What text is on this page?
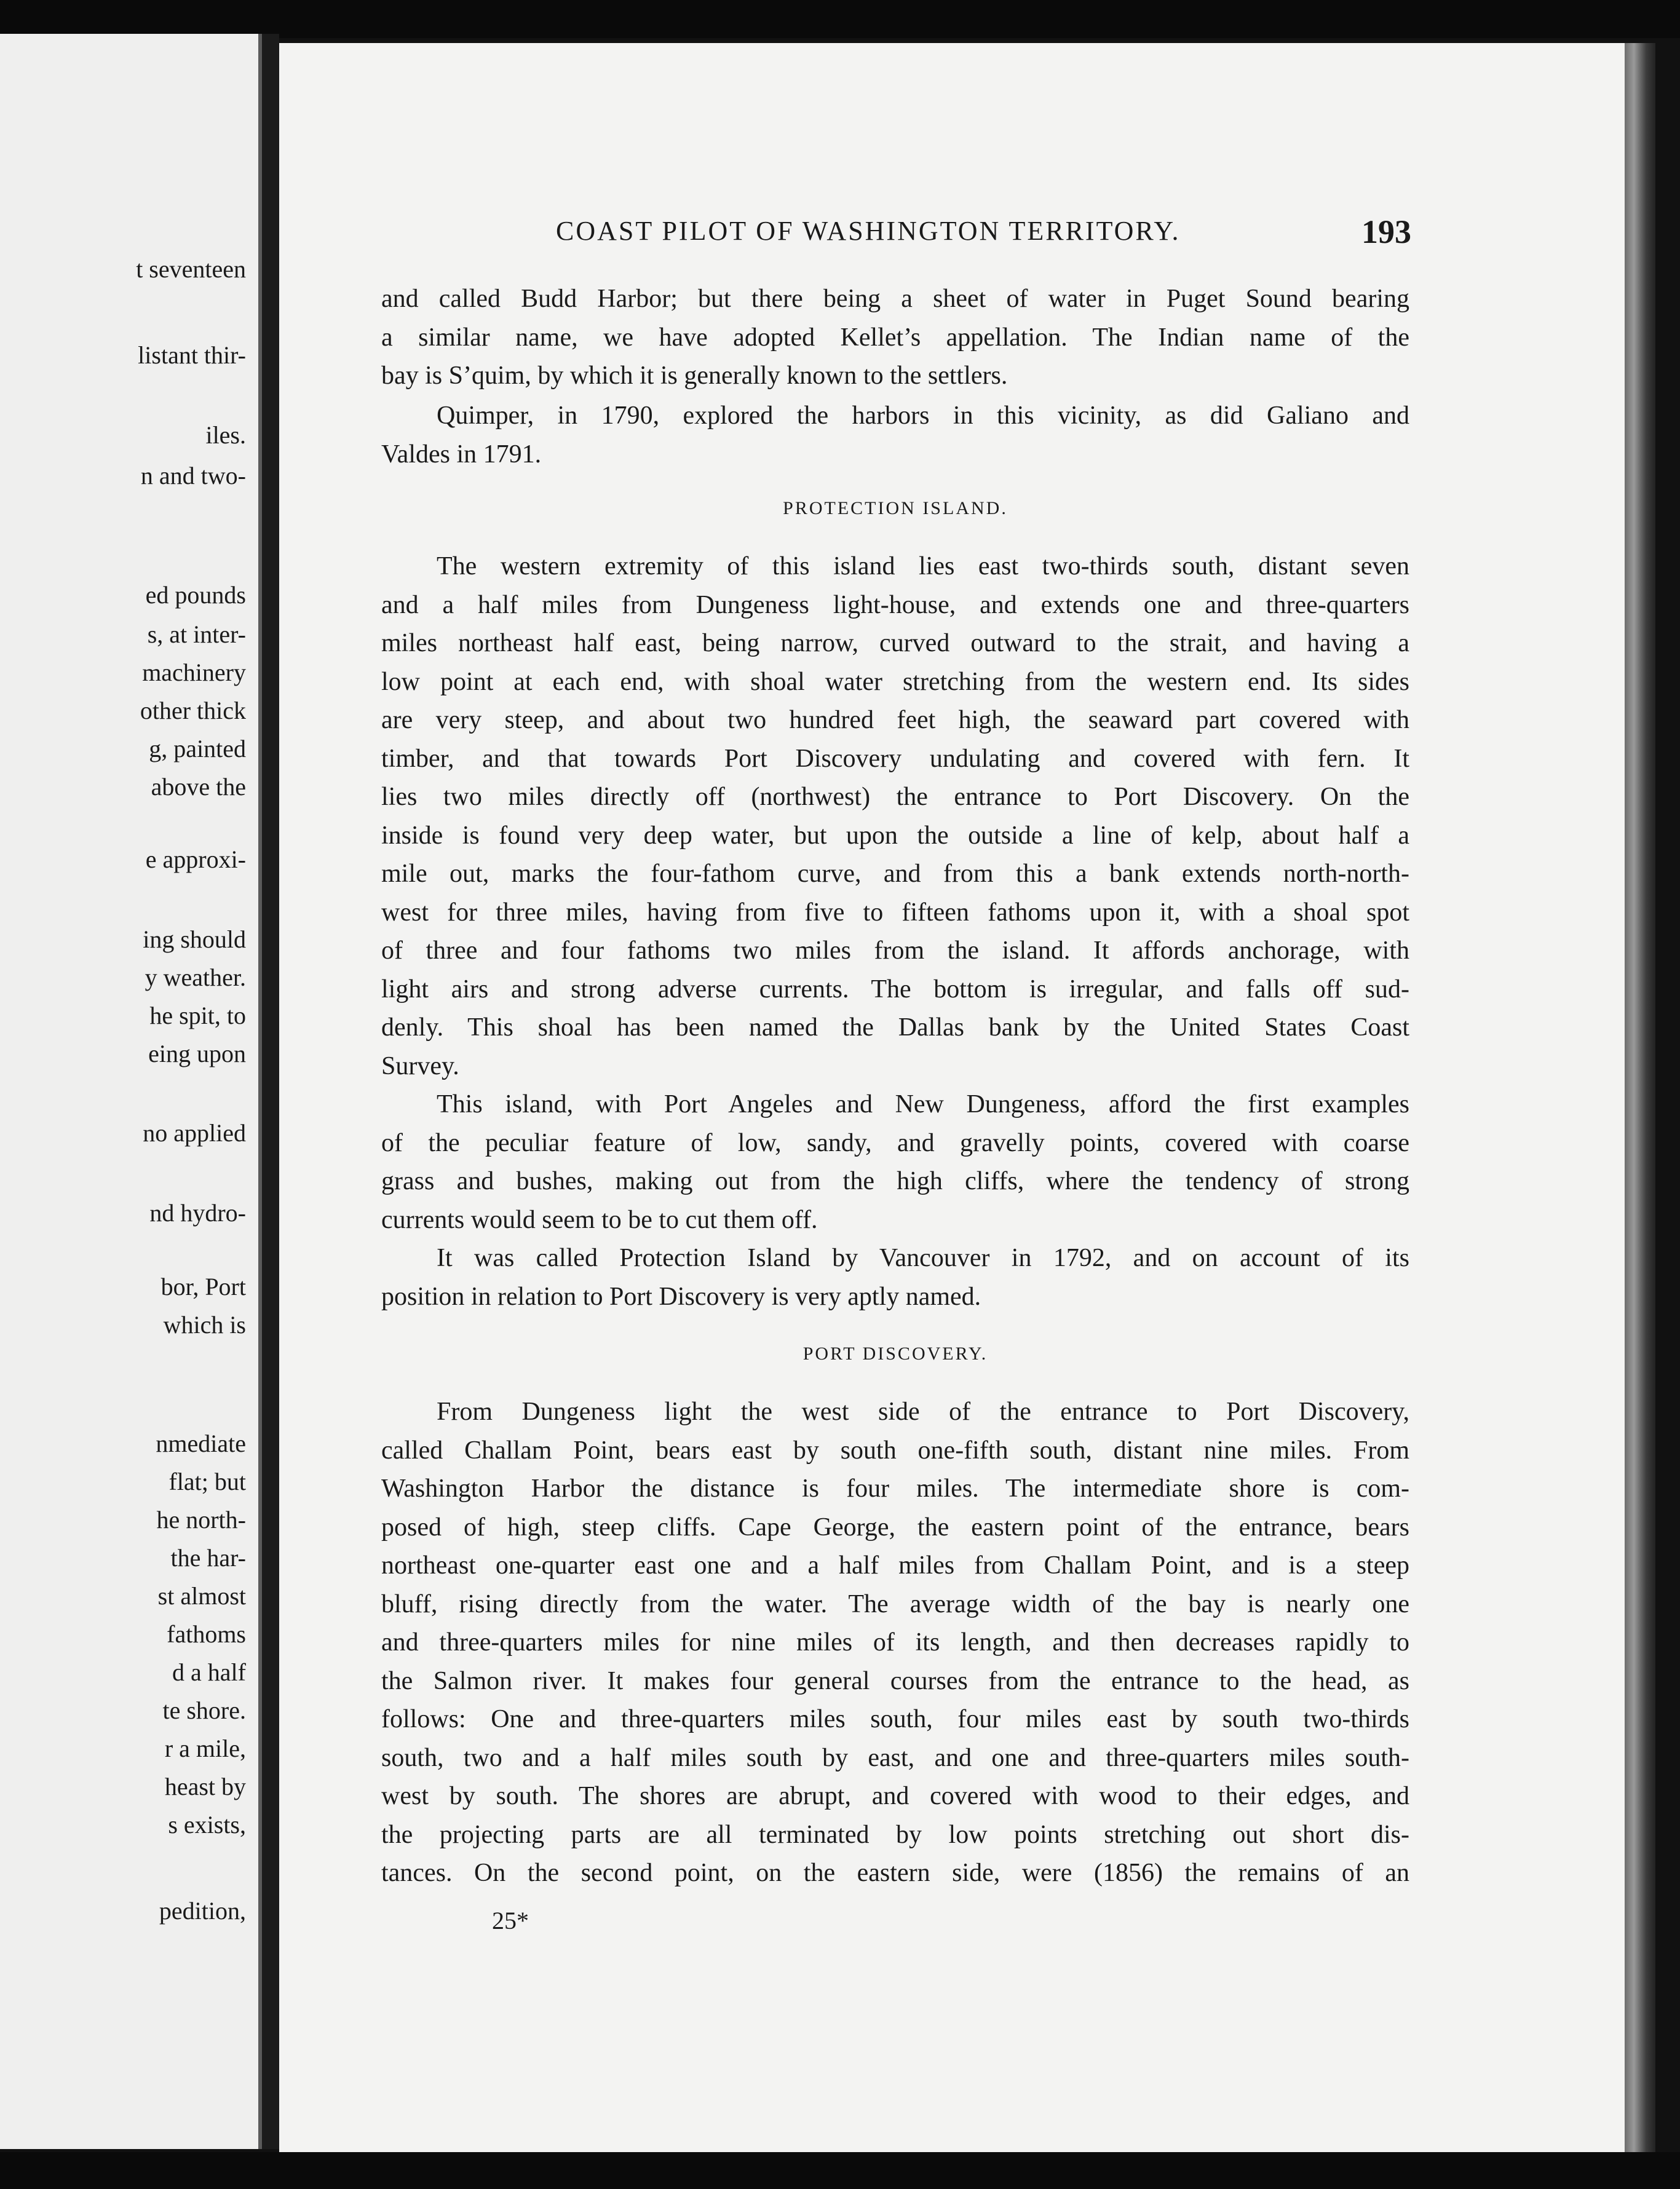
t seventeen
listant thir-
iles.
n and two-
ed pounds
s, at inter-
machinery
other thick
g, painted
above the
e approxi-
ing should
y weather.
he spit, to
eing upon
no applied
nd hydro-
bor, Port
which is
nmediate
flat; but
he north-
the har-
st almost
fathoms
d a half
te shore.
r a mile,
heast by
s exists,
pedition,
COAST PILOT OF WASHINGTON TERRITORY.	193

and called Budd Harbor; but there being a sheet of water in Puget Sound bearing

a similar name, we have adopted Kellet’s appellation. The Indian name of the

bay is S’quim, by which it is generally known to the settlers.

Quimper, in 1790, explored the harbors in this vicinity, as did Galiano and

Valdes in 1791.

PROTECTION ISLAND.

The western extremity of this island lies east two-thirds south, distant seven

and a half miles from Dungeness light-house, and extends one and three-quarters

miles northeast half east, being narrow, curved outward to the strait, and having a

low point at each end, with shoal water stretching from the western end. Its sides

are very steep, and about two hundred feet high, the seaward part covered with

timber, and that towards Port Discovery undulating and covered with fern. It

lies two miles directly off (northwest) the entrance to Port Discovery. On the

inside is found very deep water, but upon the outside a line of kelp, about half a

mile out, marks the four-fathom curve, and from this a bank extends north-north-

west for three miles, having from five to fifteen fathoms upon it, with a shoal spot

of three and four fathoms two miles from the island. It affords anchorage, with

light airs and strong adverse currents. The bottom is irregular, and falls off sud-

denly. This shoal has been named the Dallas bank by the United States Coast

Survey.

This island, with Port Angeles and New Dungeness, afford the first examples

of the peculiar feature of low, sandy, and gravelly points, covered with coarse

grass and bushes, making out from the high cliffs, where the tendency of strong

currents would seem to be to cut them off.

It was called Protection Island by Vancouver in 1792, and on account of its

position in relation to Port Discovery is very aptly named.

PORT DISCOVERY.

From Dungeness light the west side of the entrance to Port Discovery,

called Challam Point, bears east by south one-fifth south, distant nine miles. From

Washington Harbor the distance is four miles. The intermediate shore is com-

posed of high, steep cliffs. Cape George, the eastern point of the entrance, bears

northeast one-quarter east one and a half miles from Challam Point, and is a steep

bluff, rising directly from the water. The average width of the bay is nearly one

and three-quarters miles for nine miles of its length, and then decreases rapidly to

the Salmon river. It makes four general courses from the entrance to the head, as

follows: One and three-quarters miles south, four miles east by south two-thirds

south, two and a half miles south by east, and one and three-quarters miles south-

west by south. The shores are abrupt, and covered with wood to their edges, and

the projecting parts are all terminated by low points stretching out short dis-

tances. On the second point, on the eastern side, were (1856) the remains of an

25*
